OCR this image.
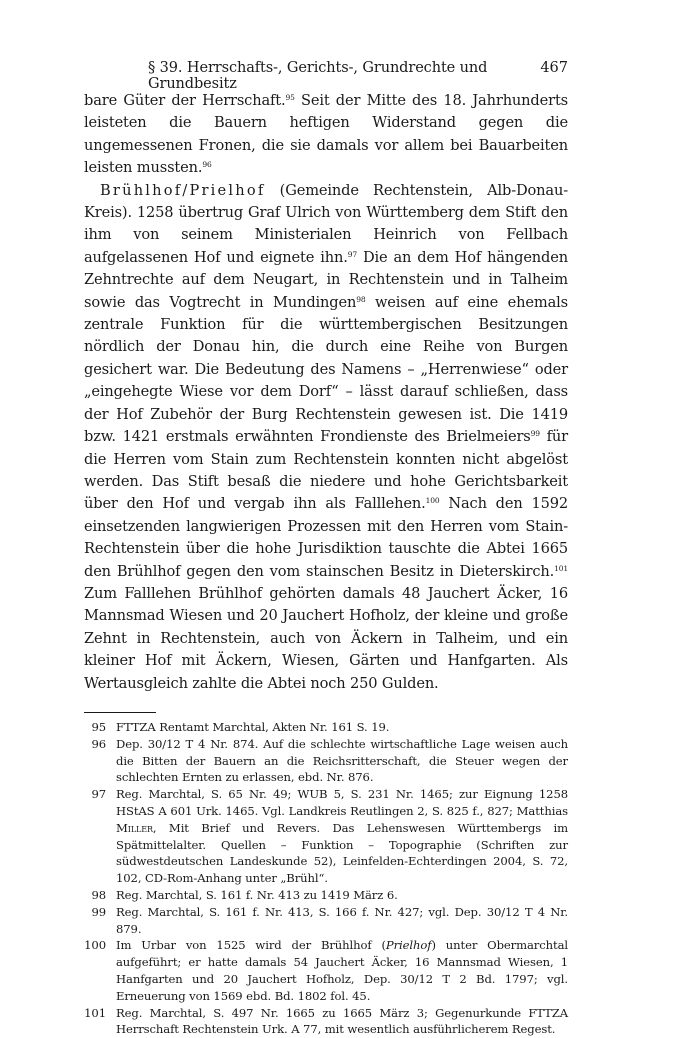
§ 39. Herrschafts-, Gerichts-, Grundrechte und Grundbesitz
467

bare Güter der Herrschaft.$^{95}$ Seit der Mitte des 18. Jahrhunderts leisteten die Bauern heftigen Widerstand gegen die ungemessenen Fronen, die sie damals vor allem bei Bauarbeiten leisten mussten.$^{96}$

Brühlhof/Prielhof (Gemeinde Rechtenstein, Alb-Donau-Kreis). 1258 übertrug Graf Ulrich von Württemberg dem Stift den ihm von seinem Ministerialen Heinrich von Fellbach aufgelassenen Hof und eignete ihn.$^{97}$ Die an dem Hof hängenden Zehntrechte auf dem Neugart, in Rechtenstein und in Talheim sowie das Vogtrecht in Mundingen$^{98}$ weisen auf eine ehemals zentrale Funktion für die württembergischen Besitzungen nördlich der Donau hin, die durch eine Reihe von Burgen gesichert war. Die Bedeutung des Namens – „Herrenwiese“ oder „eingehegte Wiese vor dem Dorf“ – lässt darauf schließen, dass der Hof Zubehör der Burg Rechtenstein gewesen ist. Die 1419 bzw. 1421 erstmals erwähnten Frondienste des Brielmeiers$^{99}$ für die Herren vom Stain zum Rechtenstein konnten nicht abgelöst werden. Das Stift besaß die niedere und hohe Gerichtsbarkeit über den Hof und vergab ihn als Falllehen.$^{100}$ Nach den 1592 einsetzenden langwierigen Prozessen mit den Herren vom Stain-Rechtenstein über die hohe Jurisdiktion tauschte die Abtei 1665 den Brühlhof gegen den vom stainschen Besitz in Dieterskirch.$^{101}$ Zum Falllehen Brühlhof gehörten damals 48 Jauchert Äcker, 16 Mannsmad Wiesen und 20 Jauchert Hofholz, der kleine und große Zehnt in Rechtenstein, auch von Äckern in Talheim, und ein kleiner Hof mit Äckern, Wiesen, Gärten und Hanfgarten. Als Wertausgleich zahlte die Abtei noch 250 Gulden.

95 FTTZA Rentamt Marchtal, Akten Nr. 161 S. 19.
96 Dep. 30/12 T 4 Nr. 874. Auf die schlechte wirtschaftliche Lage weisen auch die Bitten der Bauern an die Reichsritterschaft, die Steuer wegen der schlechten Ernten zu erlassen, ebd. Nr. 876.
97 Reg. Marchtal, S. 65 Nr. 49; WUB 5, S. 231 Nr. 1465; zur Eignung 1258 HStAS A 601 Urk. 1465. Vgl. Landkreis Reutlingen 2, S. 825 f., 827; Matthias Miller, Mit Brief und Revers. Das Lehenswesen Württembergs im Spätmittelalter. Quellen – Funktion – Topographie (Schriften zur südwestdeutschen Landeskunde 52), Leinfelden-Echterdingen 2004, S. 72, 102, CD-Rom-Anhang unter „Brühl“.
98 Reg. Marchtal, S. 161 f. Nr. 413 zu 1419 März 6.
99 Reg. Marchtal, S. 161 f. Nr. 413, S. 166 f. Nr. 427; vgl. Dep. 30/12 T 4 Nr. 879.
100 Im Urbar von 1525 wird der Brühlhof (Prielhof) unter Obermarchtal aufgeführt; er hatte damals 54 Jauchert Äcker, 16 Mannsmad Wiesen, 1 Hanfgarten und 20 Jauchert Hofholz, Dep. 30/12 T 2 Bd. 1797; vgl. Erneuerung von 1569 ebd. Bd. 1802 fol. 45.
101 Reg. Marchtal, S. 497 Nr. 1665 zu 1665 März 3; Gegenurkunde FTTZA Herrschaft Rechtenstein Urk. A 77, mit wesentlich ausführlicherem Regest.
